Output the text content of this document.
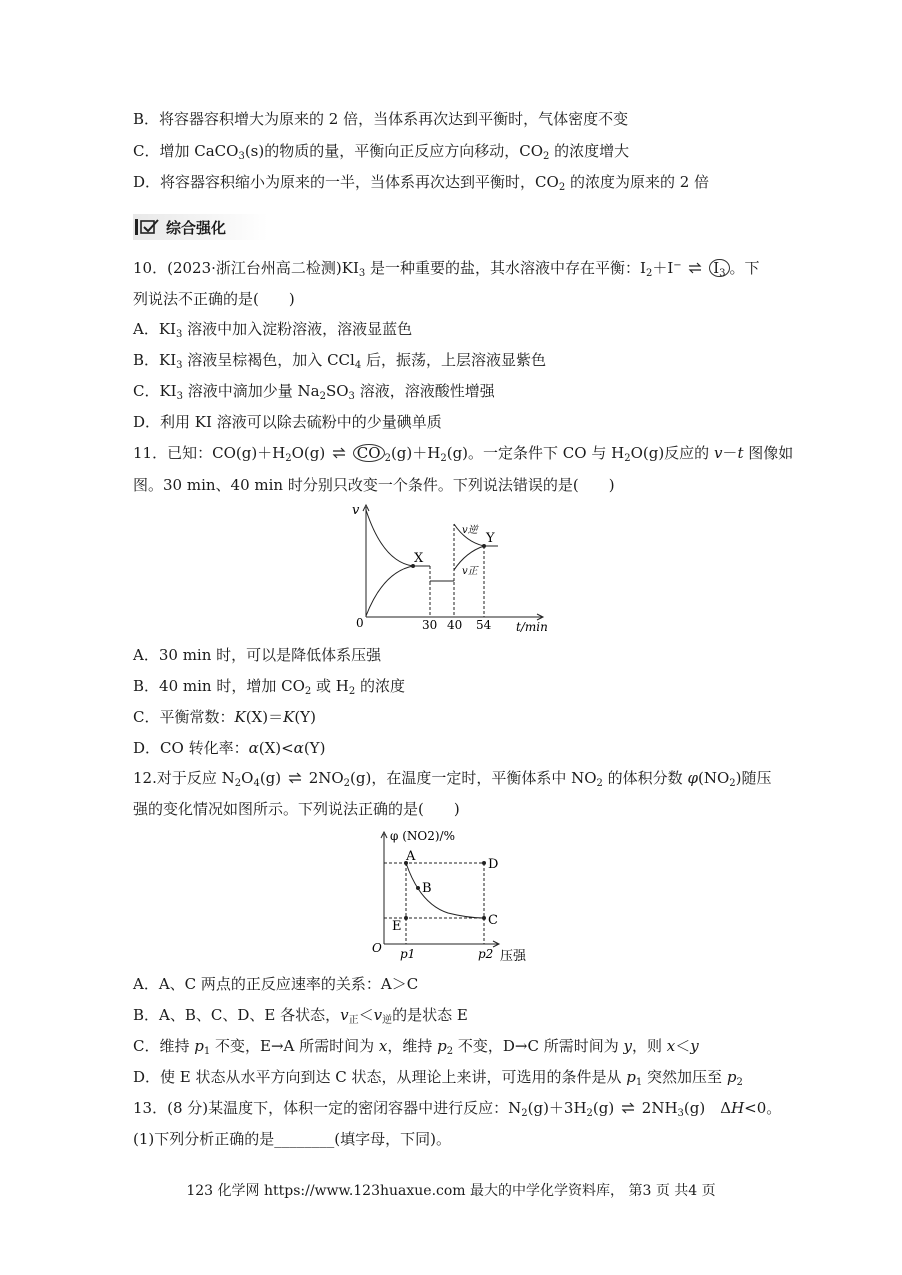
B．将容器容积增大为原来的 2 倍，当体系再次达到平衡时，气体密度不变
C．增加 CaCO$_3$(s)的物质的量，平衡向正反应方向移动，$CO_2$ 的浓度增大
D．将容器容积缩小为原来的一半，当体系再次达到平衡时，$CO_2$ 的浓度为原来的 2 倍
综合强化
10．(2023·浙江台州高二检测)$KI_3$ 是一种重要的盐，其水溶液中存在平衡：$I_2+I^-$ ⇌ $I_3$ 。下
列说法不正确的是(　　)
A．$KI_3$ 溶液中加入淀粉溶液，溶液显蓝色
B．$KI_3$ 溶液呈棕褐色，加入 CCl$_4$ 后，振荡，上层溶液显紫色
C．$KI_3$ 溶液中滴加少量 $Na_2SO_3$ 溶液，溶液酸性增强
D．利用 KI 溶液可以除去硫粉中的少量碘单质
11．已知：$CO(g)+H_2O(g)$ ⇌ CO $_2(g)+H_2(g)$。一定条件下 CO 与 $H_2O(g)$反应的 v－t 图像如
图。30 min、40 min 时分别只改变一个条件。下列说法错误的是(　　)
v
0	30 40 54 t/min
X
Y
v逆
v正
A．30 min 时，可以是降低体系压强
B．40 min 时，增加 $CO_2$ 或 $H_2$ 的浓度
C．平衡常数：K(X)＝K(Y)
D．CO 转化率：α(X)<α(Y)
12.对于反应 $N_2O_4(g)$ ⇌ $2NO_2(g)$，在温度一定时，平衡体系中 $NO_2$ 的体积分数 $\varphi(NO_2)$随压
强的变化情况如图所示。下列说法正确的是(　　)
φ (NO2)/%
O
A
B
C
D
E
p1	p2 压强
A．A、C 两点的正反应速率的关系：A＞C
B．A、B、C、D、E 各状态，$v_正<v_逆$的是状态 E
C．维持 $p_1$ 不变，E→A 所需时间为 x，维持 $p_2$ 不变，D→C 所需时间为 y，则 x＜y
D．使 E 状态从水平方向到达 C 状态，从理论上来讲，可选用的条件是从 $p_1$ 突然加压至 $p_2$
13．(8 分)某温度下，体积一定的密闭容器中进行反应：$N_2(g)+3H_2(g)$ ⇌ $2NH_3(g)$　ΔH<0。
(1)下列分析正确的是________(填字母，下同)。
123 化学网 https://www.123huaxue.com 最大的中学化学资料库， 第3 页 共4 页
